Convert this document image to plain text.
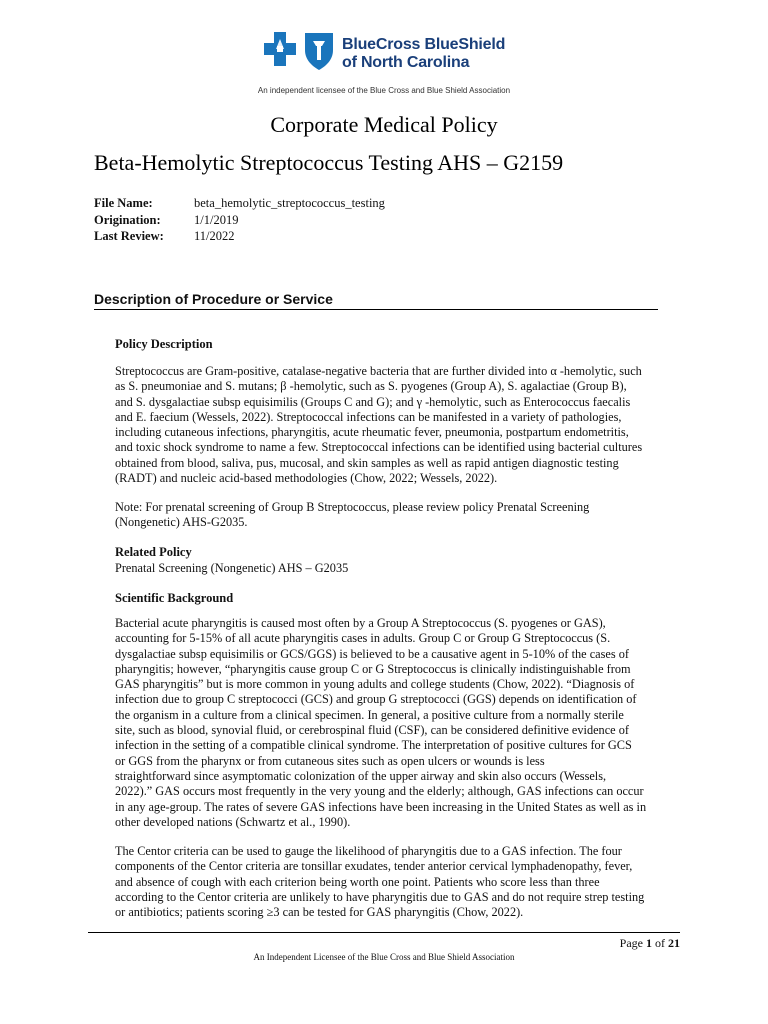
BlueCross BlueShield
of North Carolina
An independent licensee of the Blue Cross and Blue Shield Association
Corporate Medical Policy
Beta-Hemolytic Streptococcus Testing AHS – G2159
File Name:	beta_hemolytic_streptococcus_testing
Origination:	1/1/2019
Last Review: 11/2022
Description of Procedure or Service
Policy Description
Streptococcus are Gram-positive, catalase-negative bacteria that are further divided into α -hemolytic, such
as S. pneumoniae and S. mutans; β -hemolytic, such as S. pyogenes (Group A), S. agalactiae (Group B),
and S. dysgalactiae subsp equisimilis (Groups C and G); and γ -hemolytic, such as Enterococcus faecalis
and E. faecium (Wessels, 2022). Streptococcal infections can be manifested in a variety of pathologies,
including cutaneous infections, pharyngitis, acute rheumatic fever, pneumonia, postpartum endometritis,
and toxic shock syndrome to name a few. Streptococcal infections can be identified using bacterial cultures
obtained from blood, saliva, pus, mucosal, and skin samples as well as rapid antigen diagnostic testing
(RADT) and nucleic acid-based methodologies (Chow, 2022; Wessels, 2022).
Note: For prenatal screening of Group B Streptococcus, please review policy Prenatal Screening
(Nongenetic) AHS-G2035.
Related Policy
Prenatal Screening (Nongenetic) AHS – G2035
Scientific Background
Bacterial acute pharyngitis is caused most often by a Group A Streptococcus (S. pyogenes or GAS),
accounting for 5-15% of all acute pharyngitis cases in adults. Group C or Group G Streptococcus (S.
dysgalactiae subsp equisimilis or GCS/GGS) is believed to be a causative agent in 5-10% of the cases of
pharyngitis; however, “pharyngitis cause group C or G Streptococcus is clinically indistinguishable from
GAS pharyngitis” but is more common in young adults and college students (Chow, 2022). “Diagnosis of
infection due to group C streptococci (GCS) and group G streptococci (GGS) depends on identification of
the organism in a culture from a clinical specimen. In general, a positive culture from a normally sterile
site, such as blood, synovial fluid, or cerebrospinal fluid (CSF), can be considered definitive evidence of
infection in the setting of a compatible clinical syndrome. The interpretation of positive cultures for GCS
or GGS from the pharynx or from cutaneous sites such as open ulcers or wounds is less
straightforward since asymptomatic colonization of the upper airway and skin also occurs (Wessels,
2022).” GAS occurs most frequently in the very young and the elderly; although, GAS infections can occur
in any age-group. The rates of severe GAS infections have been increasing in the United States as well as in
other developed nations (Schwartz et al., 1990).
The Centor criteria can be used to gauge the likelihood of pharyngitis due to a GAS infection. The four
components of the Centor criteria are tonsillar exudates, tender anterior cervical lymphadenopathy, fever,
and absence of cough with each criterion being worth one point. Patients who score less than three
according to the Centor criteria are unlikely to have pharyngitis due to GAS and do not require strep testing
or antibiotics; patients scoring ≥3 can be tested for GAS pharyngitis (Chow, 2022).
Page 1 of 21
An Independent Licensee of the Blue Cross and Blue Shield Association
